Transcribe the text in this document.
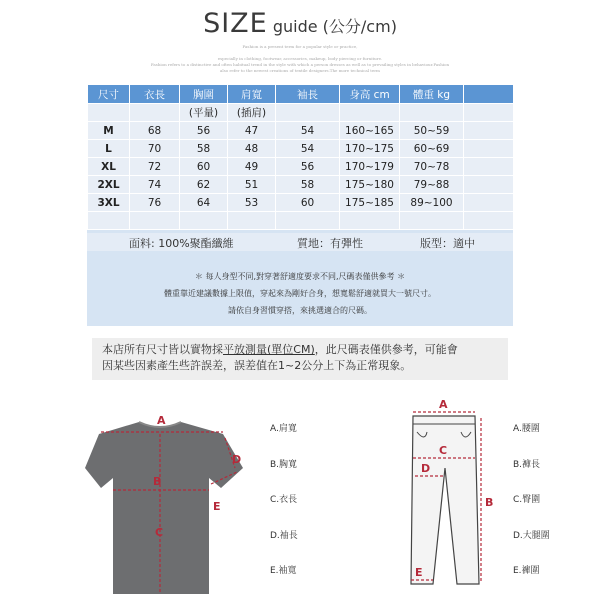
SIZE guide (公分/cm)
Fashion is a present term for a popular style or practice,
especially in clothing, footwear, accessories, makeup, body piercing or furniture.
Fashion refers to a distinctive and often habitual trend in the style with which a person dresses as well as to prevailing styles in behaviour.Fashion
also refer to the newest creations of textile designers.The more technical term
尺寸	衣長	胸圍	肩寬	袖長	身高 cm	體重 kg	
		(平量)	(插肩)				
M	68	56	47	54	160~165	50~59	
L	70	58	48	54	170~175	60~69	
XL	72	60	49	56	170~179	70~78	
2XL	74	62	51	58	175~180	79~88	
3XL	76	64	53	60	175~185	89~100	

面料: 100%聚酯纖維	質地：有彈性	版型：適中
＊ 每人身型不同,對穿著舒適度要求不同,尺碼表僅供參考 ＊
體重靠近建議數據上限值，穿起來為剛好合身，想寬鬆舒適就買大一號尺寸。
請依自身習慣穿搭，來挑選適合的尺碼。
本店所有尺寸皆以實物採平放測量(單位CM)，此尺碼表僅供參考，可能會
因某些因素產生些許誤差，誤差值在1~2公分上下為正常現象。
A
B
C
D
E
A.肩寬
B.胸寬
C.衣長
D.袖長
E.袖寬
A
C
D
B
E
A.腰圍
B.褲長
C.臀圍
D.大腿圍
E.褲圍
